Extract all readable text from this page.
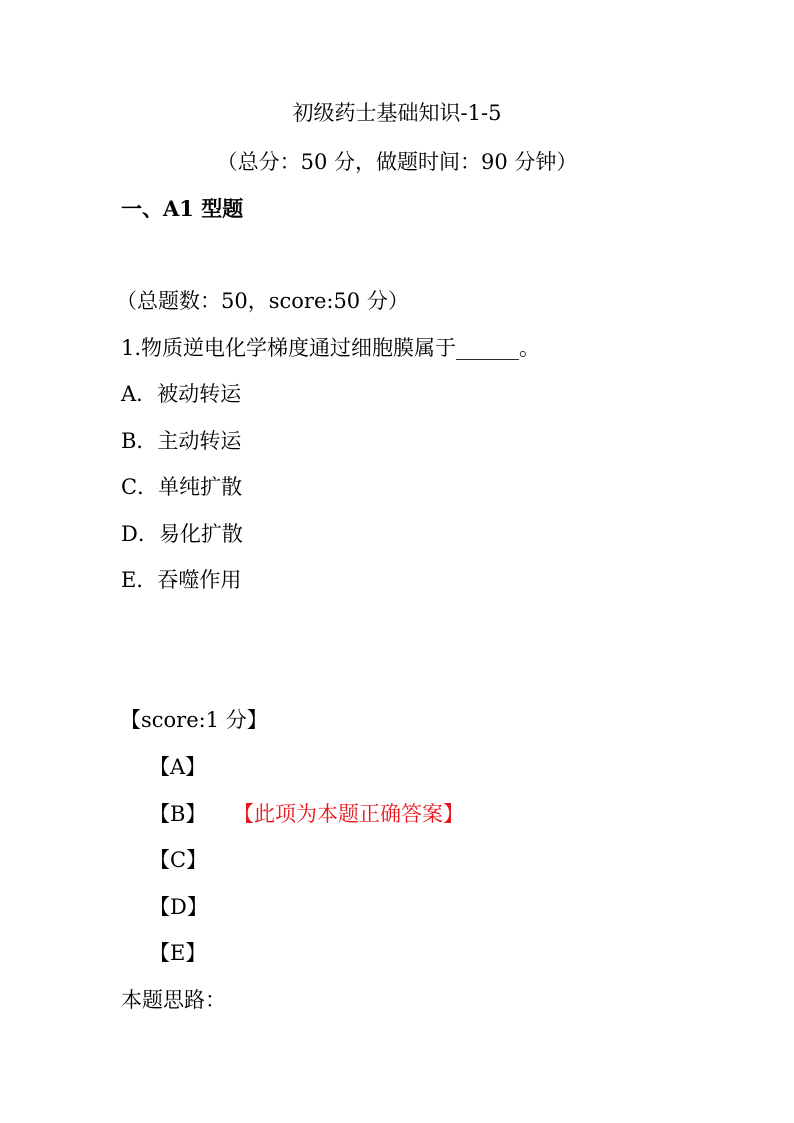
初级药士基础知识-1-5
（总分：50 分，做题时间：90 分钟）
一、A1 型题
（总题数：50，score:50 分）
1.物质逆电化学梯度通过细胞膜属于______。
A．被动转运
B．主动转运
C．单纯扩散
D．易化扩散
E．吞噬作用
【score:1 分】
【A】
【B】 【此项为本题正确答案】
【C】
【D】
【E】
本题思路：
